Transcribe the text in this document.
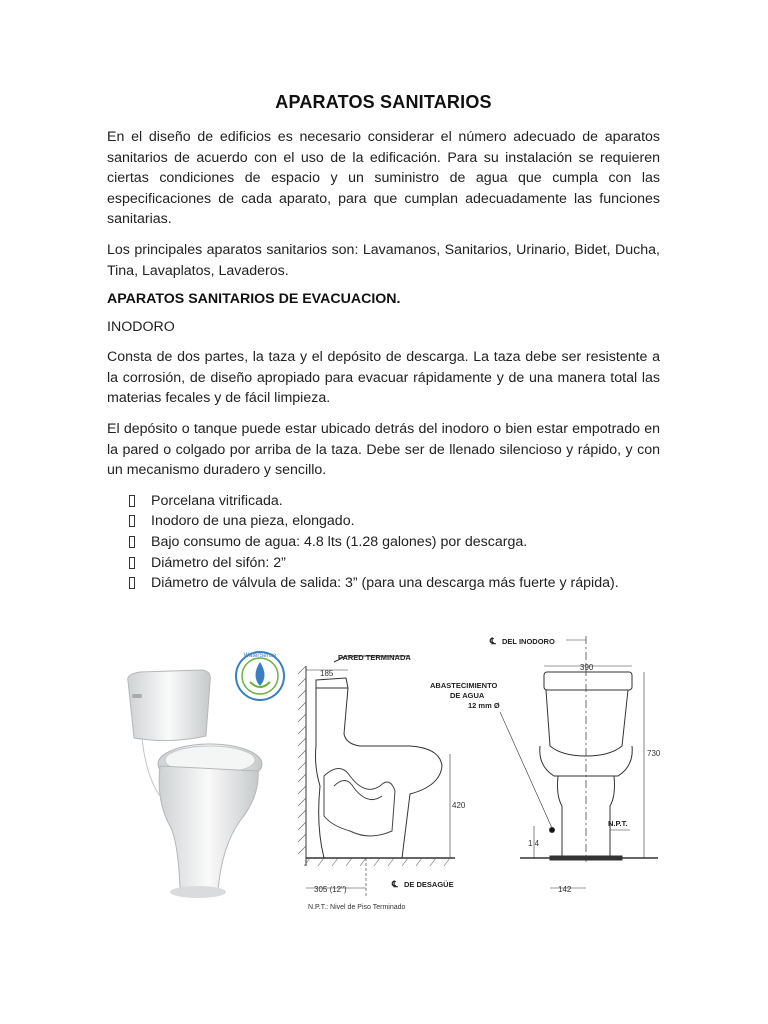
APARATOS SANITARIOS

En el diseño de edificios es necesario considerar el número adecuado de aparatos sanitarios de acuerdo con el uso de la edificación. Para su instalación se requieren ciertas condiciones de espacio y un suministro de agua que cumpla con las especificaciones de cada aparato, para que cumplan adecuadamente las funciones sanitarias.

Los principales aparatos sanitarios son: Lavamanos, Sanitarios, Urinario, Bidet, Ducha, Tina, Lavaplatos, Lavaderos.

APARATOS SANITARIOS DE EVACUACION.
INODORO

Consta de dos partes, la taza y el depósito de descarga. La taza debe ser resistente a la corrosión, de diseño apropiado para evacuar rápidamente y de una manera total las materias fecales y de fácil limpieza.

El depósito o tanque puede estar ubicado detrás del inodoro o bien estar empotrado en la pared o colgado por arriba de la taza. Debe ser de llenado silencioso y rápido, y con un mecanismo duradero y sencillo.

Porcelana vitrificada.
Inodoro de una pieza, elongado.
Bajo consumo de agua: 4.8 lts (1.28 galones) por descarga.
Diámetro del sifón: 2”
Diámetro de válvula de salida: 3” (para una descarga más fuerte y rápida).
WaterSense	PARED TERMINADA
185
420
305 (12")
℄ DE DESAGÜE
N.P.T.: Nivel de Piso Terminado
ABASTECIMIENTO
DE AGUA
12 mm Ø
℄ DEL INODORO
390
730
N.P.T.
1 4
142
